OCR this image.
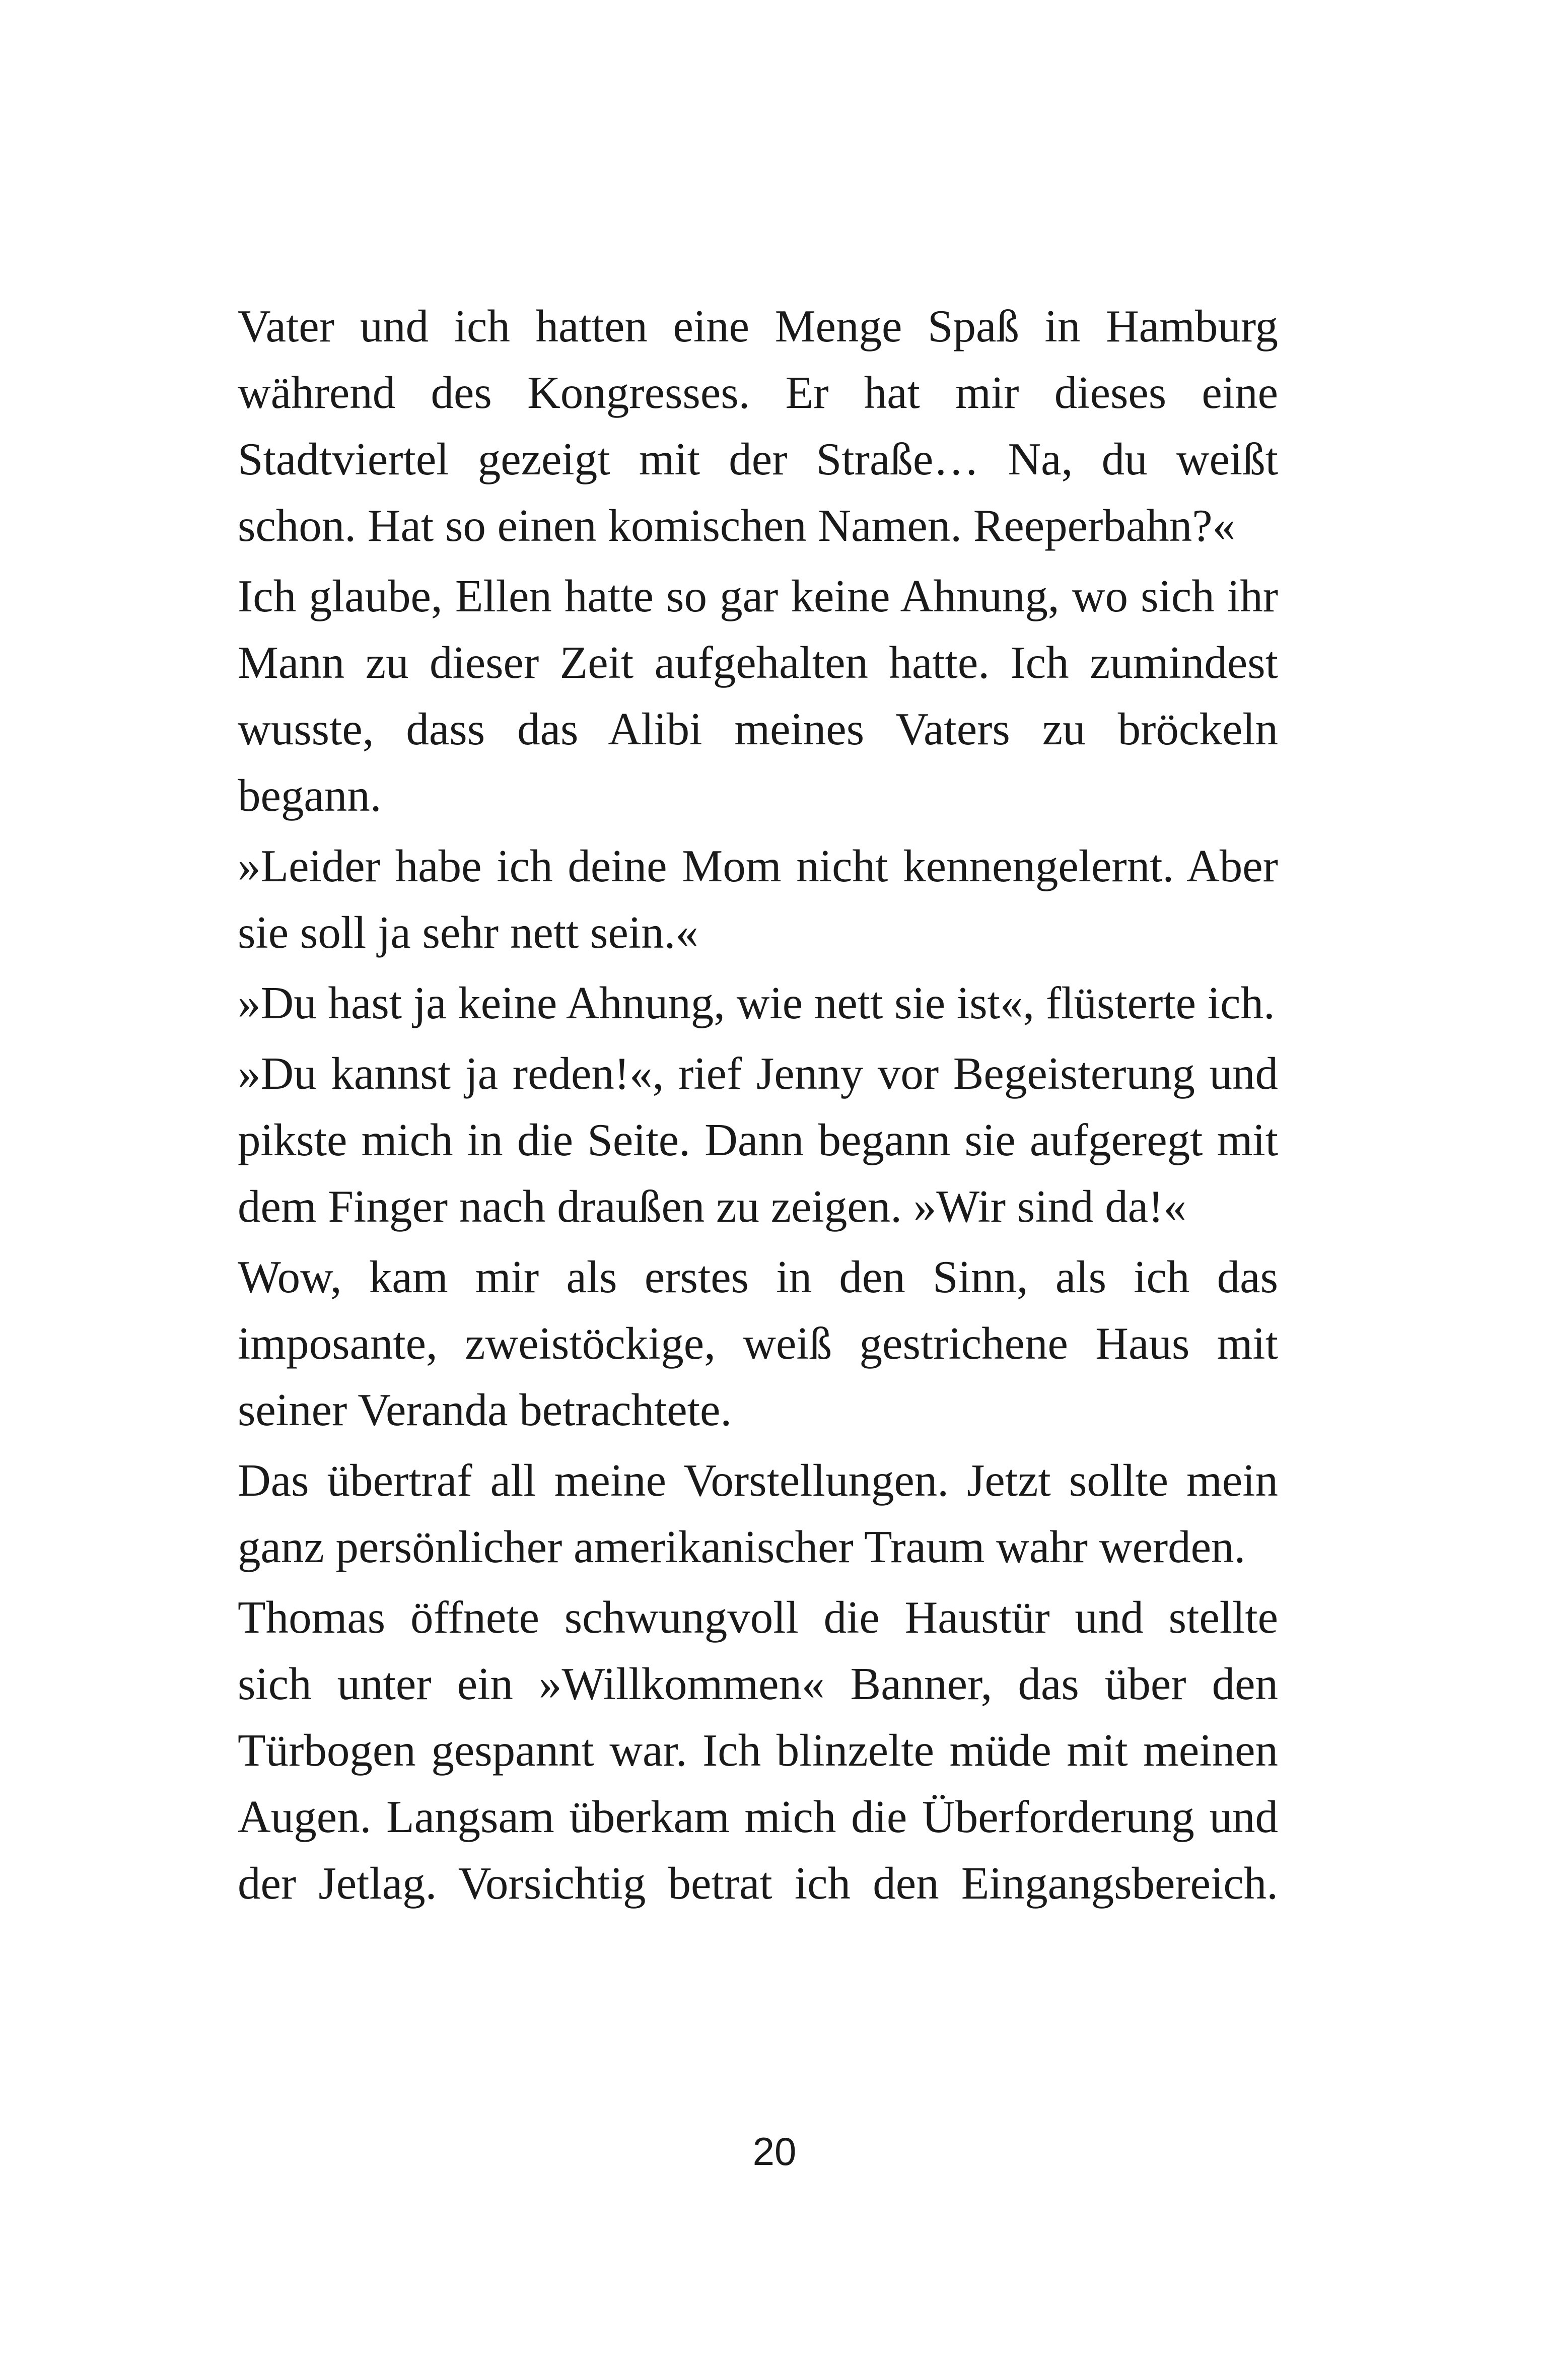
Vater und ich hatten eine Menge Spaß in Hamburg während des Kongresses. Er hat mir dieses eine Stadtviertel gezeigt mit der Straße… Na, du weißt schon. Hat so einen komischen Namen. Reeperbahn?«

Ich glaube, Ellen hatte so gar keine Ahnung, wo sich ihr Mann zu dieser Zeit aufgehalten hatte. Ich zumindest wusste, dass das Alibi meines Vaters zu bröckeln begann.

»Leider habe ich deine Mom nicht kennengelernt. Aber sie soll ja sehr nett sein.«

»Du hast ja keine Ahnung, wie nett sie ist«, flüsterte ich.

»Du kannst ja reden!«, rief Jenny vor Begeisterung und pikste mich in die Seite. Dann begann sie aufgeregt mit dem Finger nach draußen zu zeigen. »Wir sind da!«

Wow, kam mir als erstes in den Sinn, als ich das imposante, zweistöckige, weiß gestrichene Haus mit seiner Veranda betrachtete.

Das übertraf all meine Vorstellungen. Jetzt sollte mein ganz persönlicher amerikanischer Traum wahr werden.

Thomas öffnete schwungvoll die Haustür und stellte sich unter ein »Willkommen« Banner, das über den Türbogen gespannt war. Ich blinzelte müde mit meinen Augen. Langsam überkam mich die Überforderung und der Jetlag. Vorsichtig betrat ich den Eingangsbereich.

20
